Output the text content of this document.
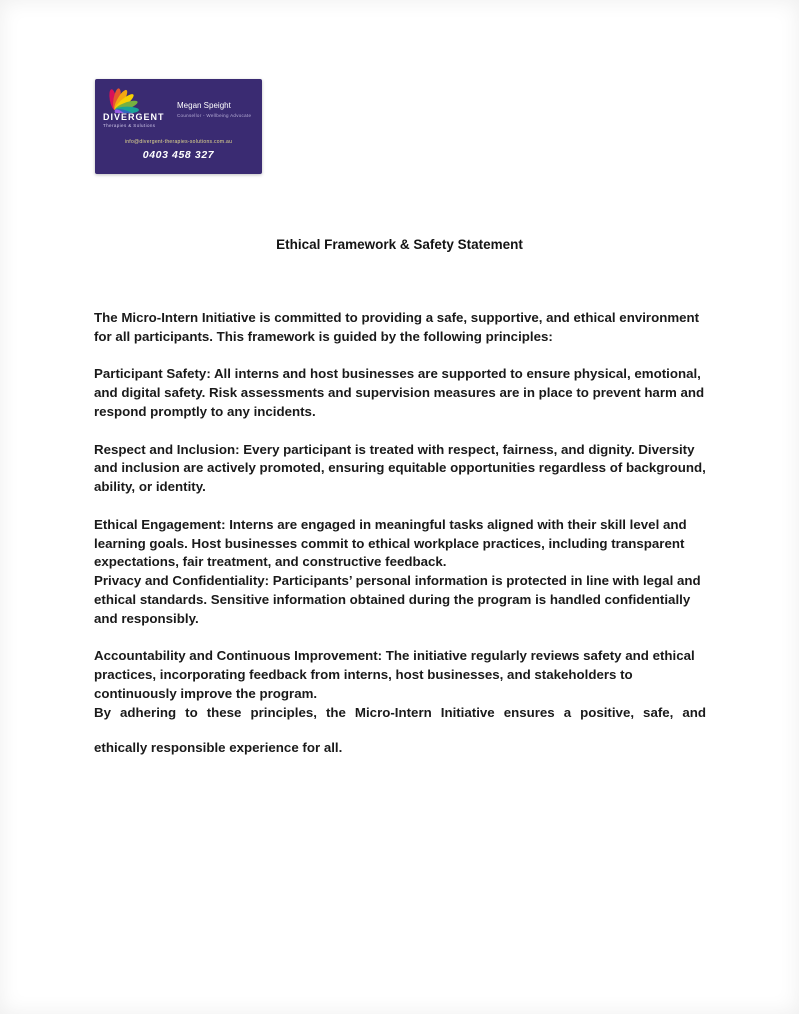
DIVERGENT
Therapies & Solutions
Megan Speight
Counsellor - Wellbeing Advocate
info@divergent-therapies-solutions.com.au
0403 458 327
Ethical Framework & Safety Statement

The Micro-Intern Initiative is committed to providing a safe, supportive, and ethical environment for all participants. This framework is guided by the following principles:

Participant Safety: All interns and host businesses are supported to ensure physical, emotional, and digital safety. Risk assessments and supervision measures are in place to prevent harm and respond promptly to any incidents.

Respect and Inclusion: Every participant is treated with respect, fairness, and dignity. Diversity and inclusion are actively promoted, ensuring equitable opportunities regardless of background, ability, or identity.

Ethical Engagement: Interns are engaged in meaningful tasks aligned with their skill level and learning goals. Host businesses commit to ethical workplace practices, including transparent expectations, fair treatment, and constructive feedback.

Privacy and Confidentiality: Participants’ personal information is protected in line with legal and ethical standards. Sensitive information obtained during the program is handled confidentially and responsibly.

Accountability and Continuous Improvement: The initiative regularly reviews safety and ethical practices, incorporating feedback from interns, host businesses, and stakeholders to continuously improve the program.

By adhering to these principles, the Micro-Intern Initiative ensures a positive, safe, and

ethically responsible experience for all.
